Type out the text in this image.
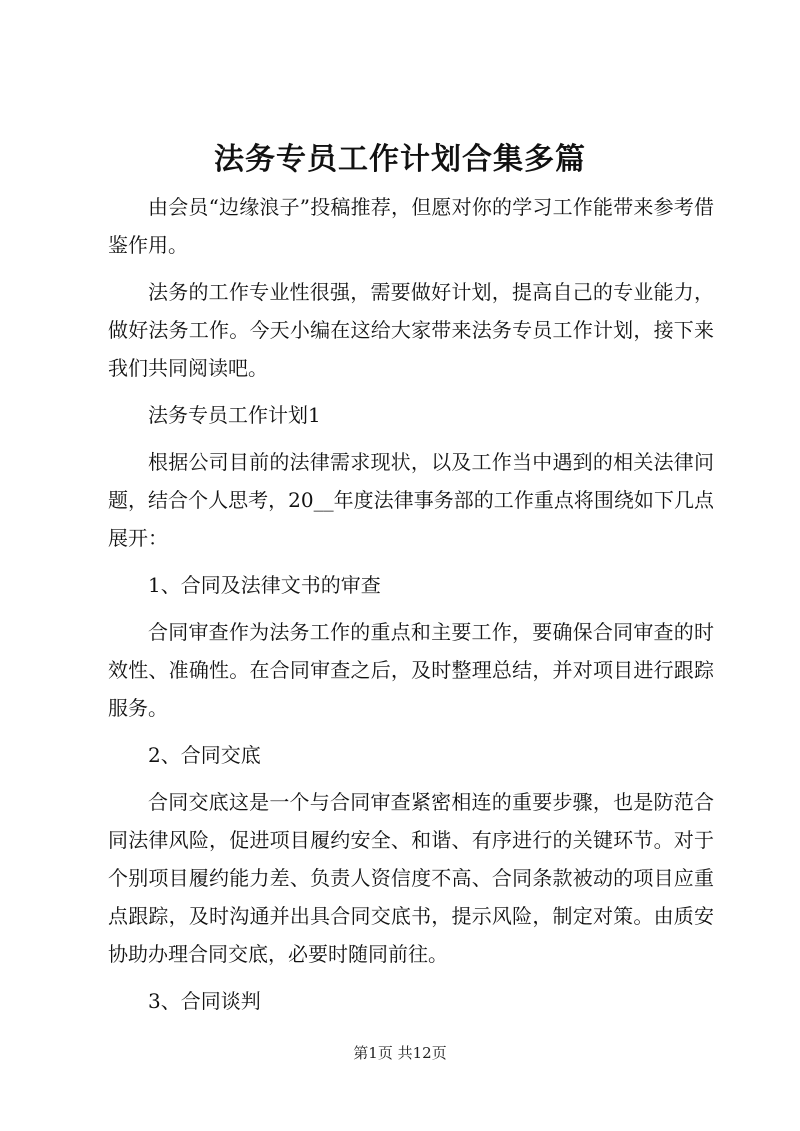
法务专员工作计划合集多篇

由会员“边缘浪子”投稿推荐，但愿对你的学习工作能带来参考借鉴作用。

法务的工作专业性很强，需要做好计划，提高自己的专业能力，做好法务工作。今天小编在这给大家带来法务专员工作计划，接下来我们共同阅读吧。

法务专员工作计划1

根据公司目前的法律需求现状，以及工作当中遇到的相关法律问题，结合个人思考，20__年度法律事务部的工作重点将围绕如下几点展开：

1、合同及法律文书的审查

合同审查作为法务工作的重点和主要工作，要确保合同审查的时效性、准确性。在合同审查之后，及时整理总结，并对项目进行跟踪服务。

2、合同交底

合同交底这是一个与合同审查紧密相连的重要步骤，也是防范合同法律风险，促进项目履约安全、和谐、有序进行的关键环节。对于个别项目履约能力差、负责人资信度不高、合同条款被动的项目应重点跟踪，及时沟通并出具合同交底书，提示风险，制定对策。由质安协助办理合同交底，必要时随同前往。

3、合同谈判

第1页 共12页
